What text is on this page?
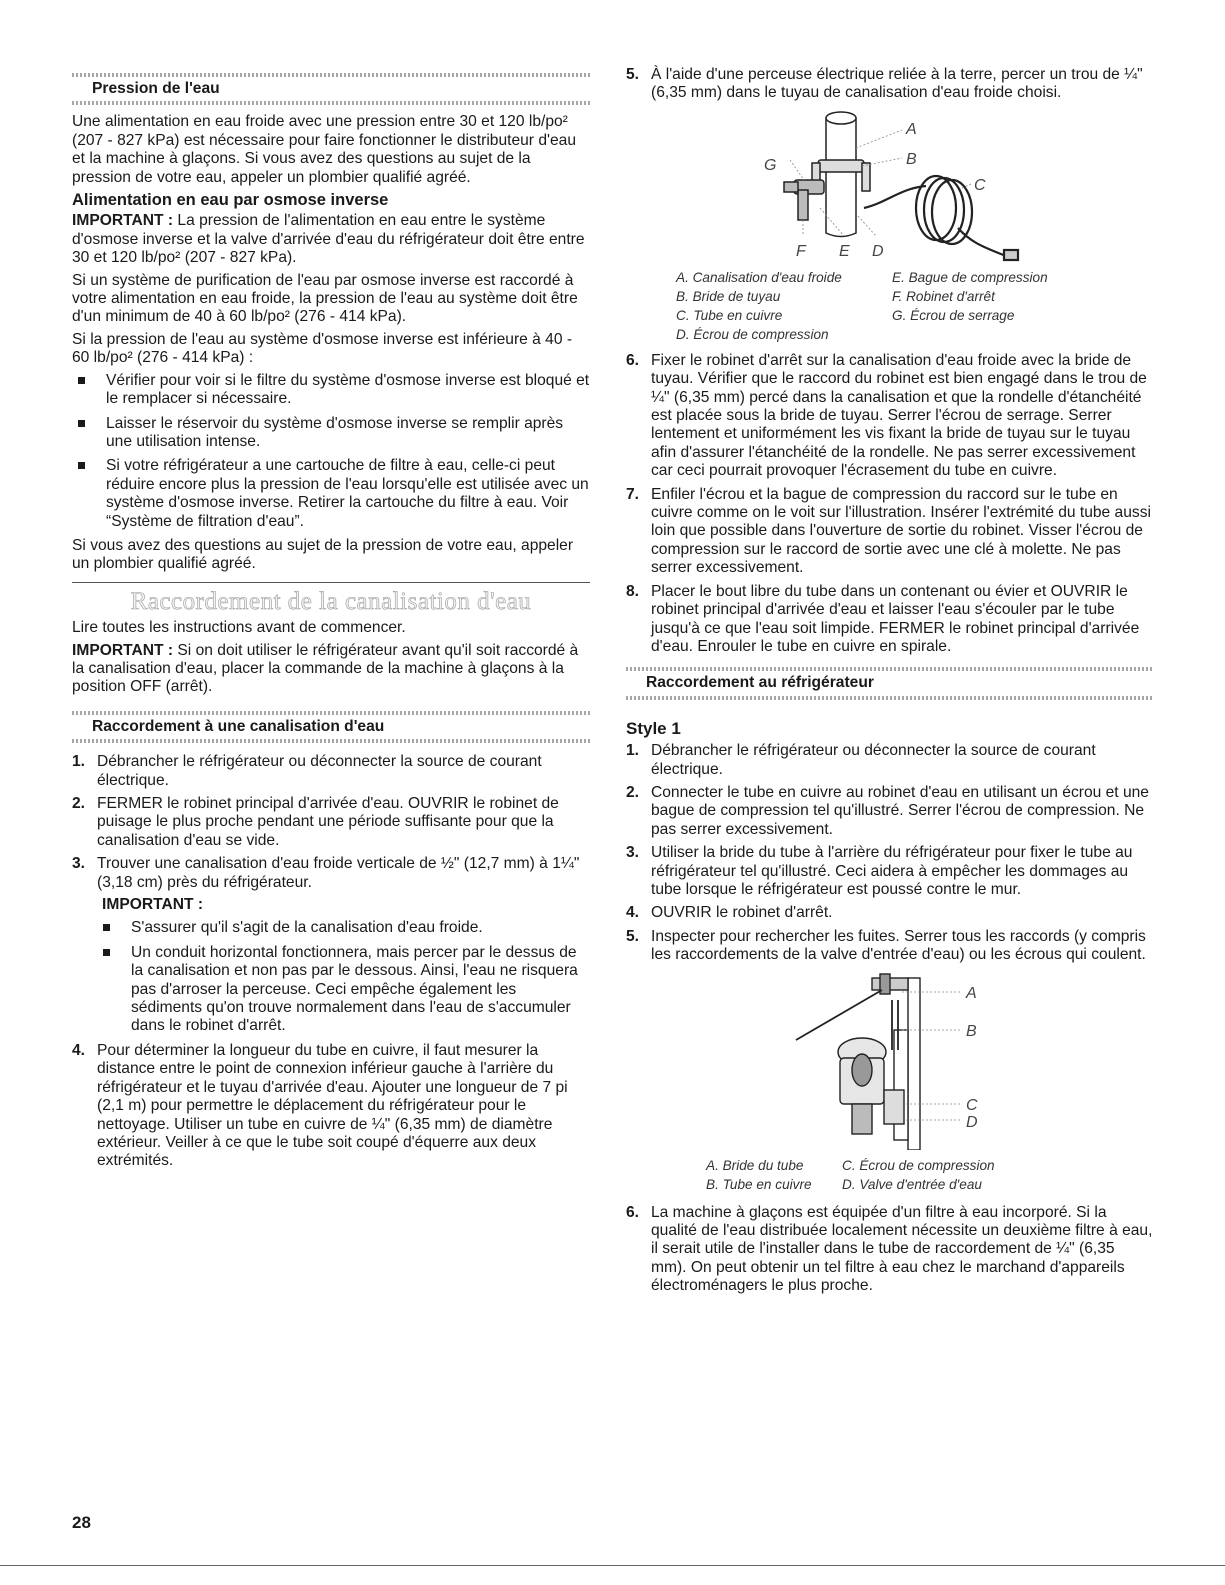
Pression de l'eau

Une alimentation en eau froide avec une pression entre 30 et 120 lb/po² (207 - 827 kPa) est nécessaire pour faire fonctionner le distributeur d'eau et la machine à glaçons. Si vous avez des questions au sujet de la pression de votre eau, appeler un plombier qualifié agréé.

Alimentation en eau par osmose inverse

IMPORTANT : La pression de l'alimentation en eau entre le système d'osmose inverse et la valve d'arrivée d'eau du réfrigérateur doit être entre 30 et 120 lb/po² (207 - 827 kPa).

Si un système de purification de l'eau par osmose inverse est raccordé à votre alimentation en eau froide, la pression de l'eau au système doit être d'un minimum de 40 à 60 lb/po² (276 - 414 kPa).

Si la pression de l'eau au système d'osmose inverse est inférieure à 40 - 60 lb/po² (276 - 414 kPa) :

Vérifier pour voir si le filtre du système d'osmose inverse est bloqué et le remplacer si nécessaire.
Laisser le réservoir du système d'osmose inverse se remplir après une utilisation intense.
Si votre réfrigérateur a une cartouche de filtre à eau, celle-ci peut réduire encore plus la pression de l'eau lorsqu'elle est utilisée avec un système d'osmose inverse. Retirer la cartouche du filtre à eau. Voir “Système de filtration d'eau”.

Si vous avez des questions au sujet de la pression de votre eau, appeler un plombier qualifié agréé.

Raccordement de la canalisation d'eau

Lire toutes les instructions avant de commencer.

IMPORTANT : Si on doit utiliser le réfrigérateur avant qu'il soit raccordé à la canalisation d'eau, placer la commande de la machine à glaçons à la position OFF (arrêt).

Raccordement à une canalisation d'eau
1. Débrancher le réfrigérateur ou déconnecter la source de courant électrique.
2. FERMER le robinet principal d'arrivée d'eau. OUVRIR le robinet de puisage le plus proche pendant une période suffisante pour que la canalisation d'eau se vide.
3. Trouver une canalisation d'eau froide verticale de ½" (12,7 mm) à 1¼" (3,18 cm) près du réfrigérateur.
IMPORTANT :
S'assurer qu'il s'agit de la canalisation d'eau froide.
Un conduit horizontal fonctionnera, mais percer par le dessus de la canalisation et non pas par le dessous. Ainsi, l'eau ne risquera pas d'arroser la perceuse. Ceci empêche également les sédiments qu'on trouve normalement dans l'eau de s'accumuler dans le robinet d'arrêt.
4. Pour déterminer la longueur du tube en cuivre, il faut mesurer la distance entre le point de connexion inférieur gauche à l'arrière du réfrigérateur et le tuyau d'arrivée d'eau. Ajouter une longueur de 7 pi (2,1 m) pour permettre le déplacement du réfrigérateur pour le nettoyage. Utiliser un tube en cuivre de ¼" (6,35 mm) de diamètre extérieur. Veiller à ce que le tube soit coupé d'équerre aux deux extrémités.
5. À l'aide d'une perceuse électrique reliée à la terre, percer un trou de ¼" (6,35 mm) dans le tuyau de canalisation d'eau froide choisi.
A
B
C
D
E
F
G
A. Canalisation d'eau froide
B. Bride de tuyau
C. Tube en cuivre
D. Écrou de compression
E. Bague de compression
F. Robinet d'arrêt
G. Écrou de serrage
6. Fixer le robinet d'arrêt sur la canalisation d'eau froide avec la bride de tuyau. Vérifier que le raccord du robinet est bien engagé dans le trou de ¼" (6,35 mm) percé dans la canalisation et que la rondelle d'étanchéité est placée sous la bride de tuyau. Serrer l'écrou de serrage. Serrer lentement et uniformément les vis fixant la bride de tuyau sur le tuyau afin d'assurer l'étanchéité de la rondelle. Ne pas serrer excessivement car ceci pourrait provoquer l'écrasement du tube en cuivre.
7. Enfiler l'écrou et la bague de compression du raccord sur le tube en cuivre comme on le voit sur l'illustration. Insérer l'extrémité du tube aussi loin que possible dans l'ouverture de sortie du robinet. Visser l'écrou de compression sur le raccord de sortie avec une clé à molette. Ne pas serrer excessivement.
8. Placer le bout libre du tube dans un contenant ou évier et OUVRIR le robinet principal d'arrivée d'eau et laisser l'eau s'écouler par le tube jusqu'à ce que l'eau soit limpide. FERMER le robinet principal d'arrivée d'eau. Enrouler le tube en cuivre en spirale.
Raccordement au réfrigérateur
Style 1
1. Débrancher le réfrigérateur ou déconnecter la source de courant électrique.
2. Connecter le tube en cuivre au robinet d'eau en utilisant un écrou et une bague de compression tel qu'illustré. Serrer l'écrou de compression. Ne pas serrer excessivement.
3. Utiliser la bride du tube à l'arrière du réfrigérateur pour fixer le tube au réfrigérateur tel qu'illustré. Ceci aidera à empêcher les dommages au tube lorsque le réfrigérateur est poussé contre le mur.
4. OUVRIR le robinet d'arrêt.
5. Inspecter pour rechercher les fuites. Serrer tous les raccords (y compris les raccordements de la valve d'entrée d'eau) ou les écrous qui coulent.
A
B
C
D
A. Bride du tube
B. Tube en cuivre
C. Écrou de compression
D. Valve d'entrée d'eau
6. La machine à glaçons est équipée d'un filtre à eau incorporé. Si la qualité de l'eau distribuée localement nécessite un deuxième filtre à eau, il serait utile de l'installer dans le tube de raccordement de ¼" (6,35 mm). On peut obtenir un tel filtre à eau chez le marchand d'appareils électroménagers le plus proche.
28
